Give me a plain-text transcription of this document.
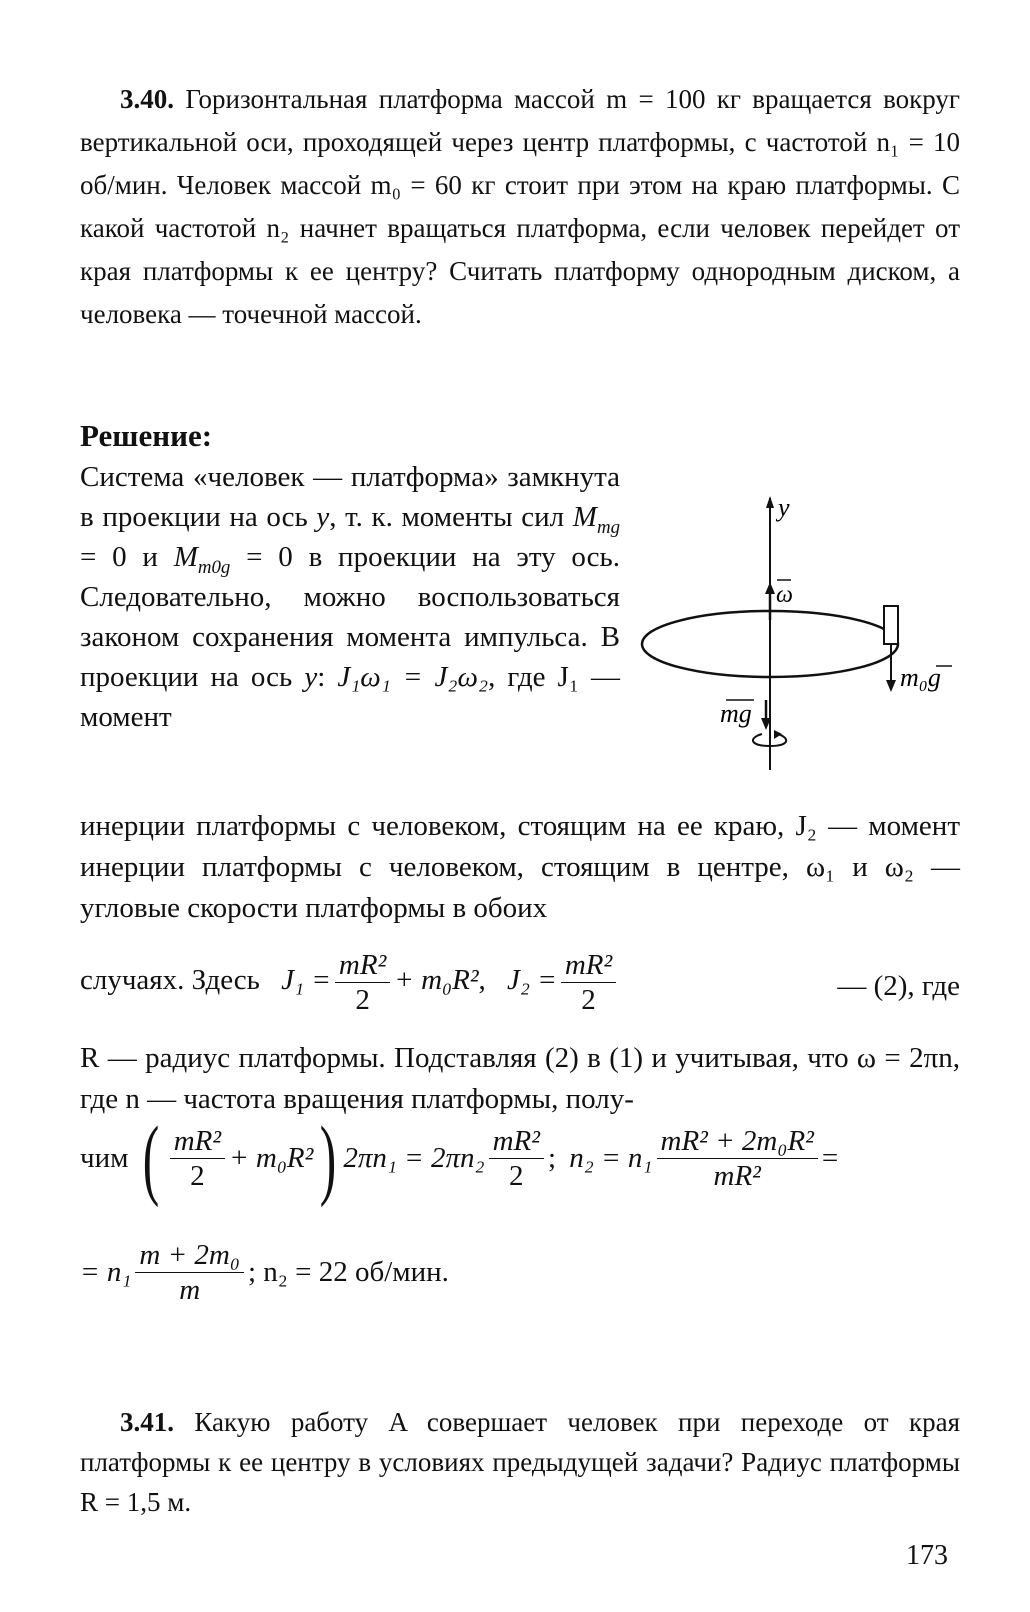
3.40. Горизонтальная платформа массой m = 100 кг вращается вокруг вертикальной оси, проходящей через центр платформы, с частотой n₁ = 10 об/мин. Человек массой m₀ = 60 кг стоит при этом на краю платформы. С какой частотой n₂ начнет вращаться платформа, если человек перейдет от края платформы к ее центру? Считать платформу однородным диском, а человека — точечной массой.
Решение:
Система «человек — платформа» замкнута в проекции на ось y, т. к. моменты сил $M_{mg} = 0$ и $M_{m0g} = 0$ в проекции на эту ось. Следовательно, можно воспользоваться законом сохранения момента импульса. В проекции на ось y: J₁ω₁ = J₂ω₂, где J₁ — момент
y
ω
m₀g
mg
инерции платформы с человеком, стоящим на ее краю, J₂ — момент инерции платформы с человеком, стоящим в центре, ω₁ и ω₂ — угловые скорости платформы в обоих
случаях. Здесь $J_1 = \frac{\text{mR²}}{2} + m_0R^2$, $J_2 = \frac{\text{mR²}}{2}$	— (2), где
R — радиус платформы. Подставляя (2) в (1) и учитывая, что ω = 2πn, где n — частота вращения платформы, полу-
чим ( $\frac{\text{mR²}}{2} + m_0R^2$) $2\pi n_1 = 2\pi n_2 \frac{\text{mR²}}{2}$ ; $n_2 = n_1 \frac{\text{mR² + 2m₀R²}}{\text{mR²}}$ =
= $n_1 \frac{\text{m + 2m₀}}{m}$ ; n₂ = 22 об/мин.
3.41. Какую работу A совершает человек при переходе от края платформы к ее центру в условиях предыдущей задачи? Радиус платформы R = 1,5 м.
173
